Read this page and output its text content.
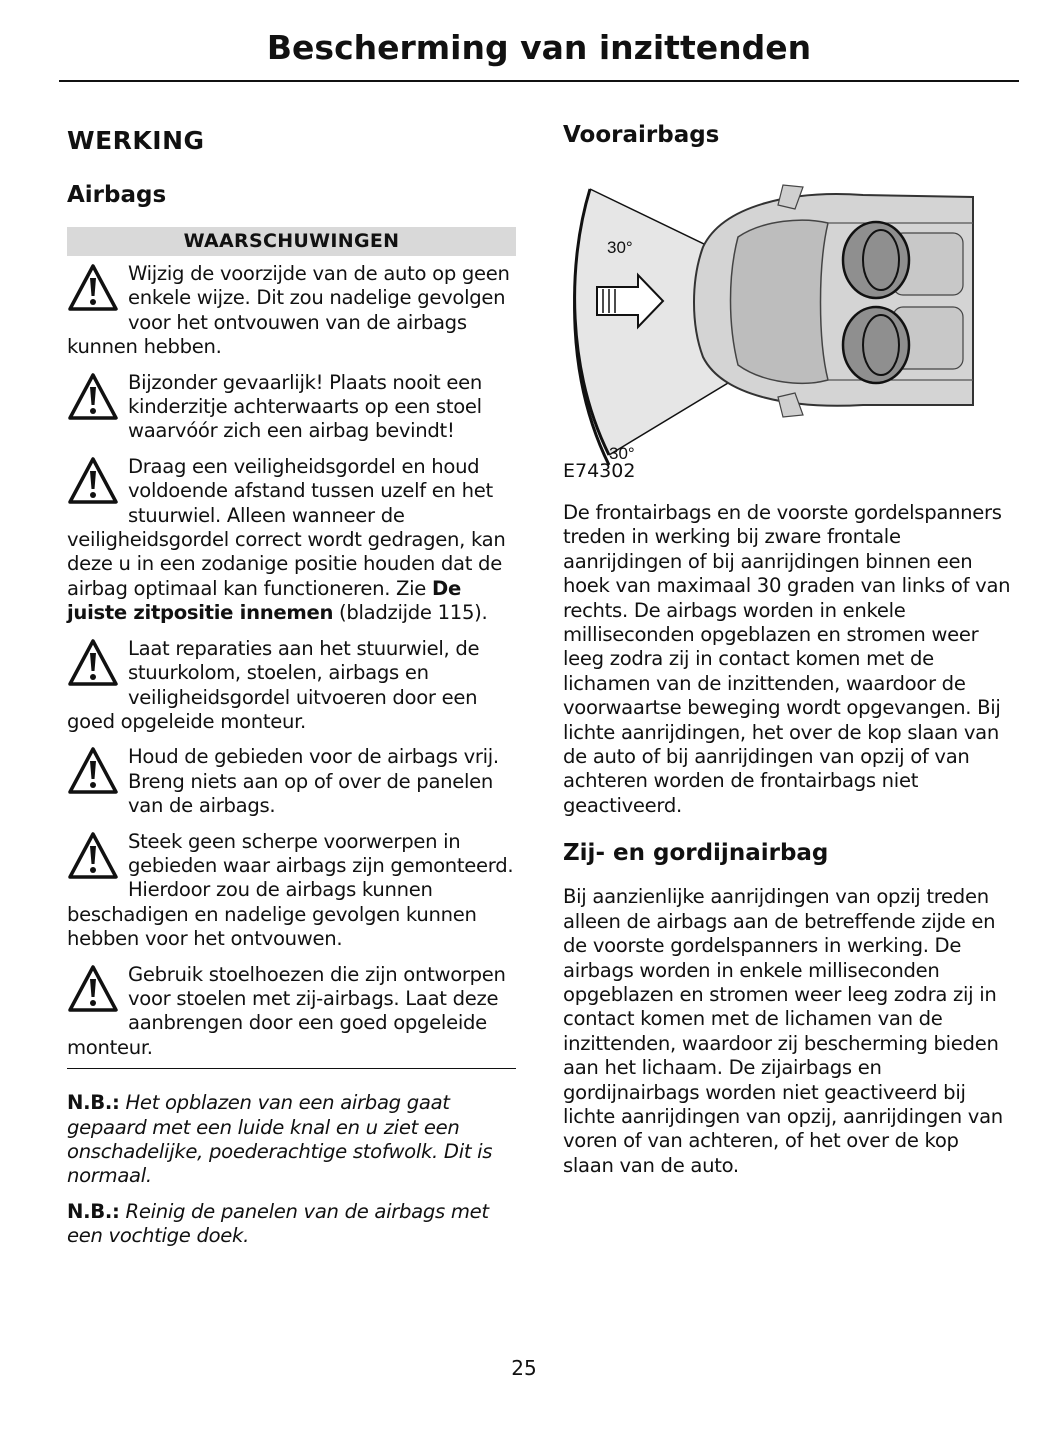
Bescherming van inzittenden
WERKING
Airbags
WAARSCHUWINGEN

Wijzig de voorzijde van de auto op geen enkele wijze. Dit zou nadelige gevolgen voor het ontvouwen van de airbags kunnen hebben.

Bijzonder gevaarlijk! Plaats nooit een kinderzitje achterwaarts op een stoel waarvóór zich een airbag bevindt!

Draag een veiligheidsgordel en houd voldoende afstand tussen uzelf en het stuurwiel. Alleen wanneer de veiligheidsgordel correct wordt gedragen, kan deze u in een zodanige positie houden dat de airbag optimaal kan functioneren. Zie De juiste zitpositie innemen (bladzijde 115).

Laat reparaties aan het stuurwiel, de stuurkolom, stoelen, airbags en veiligheidsgordel uitvoeren door een goed opgeleide monteur.

Houd de gebieden voor de airbags vrij. Breng niets aan op of over de panelen van de airbags.

Steek geen scherpe voorwerpen in gebieden waar airbags zijn gemonteerd. Hierdoor zou de airbags kunnen beschadigen en nadelige gevolgen kunnen hebben voor het ontvouwen.

Gebruik stoelhoezen die zijn ontworpen voor stoelen met zij-airbags. Laat deze aanbrengen door een goed opgeleide monteur.

N.B.: Het opblazen van een airbag gaat gepaard met een luide knal en u ziet een onschadelijke, poederachtige stofwolk. Dit is normaal.

N.B.: Reinig de panelen van de airbags met een vochtige doek.

Voorairbags
30°
30°
E74302

De frontairbags en de voorste gordelspanners treden in werking bij zware frontale aanrijdingen of bij aanrijdingen binnen een hoek van maximaal 30 graden van links of van rechts. De airbags worden in enkele milliseconden opgeblazen en stromen weer leeg zodra zij in contact komen met de lichamen van de inzittenden, waardoor de voorwaartse beweging wordt opgevangen. Bij lichte aanrijdingen, het over de kop slaan van de auto of bij aanrijdingen van opzij of van achteren worden de frontairbags niet geactiveerd.

Zij- en gordijnairbag

Bij aanzienlijke aanrijdingen van opzij treden alleen de airbags aan de betreffende zijde en de voorste gordelspanners in werking. De airbags worden in enkele milliseconden opgeblazen en stromen weer leeg zodra zij in contact komen met de lichamen van de inzittenden, waardoor zij bescherming bieden aan het lichaam. De zijairbags en gordijnairbags worden niet geactiveerd bij lichte aanrijdingen van opzij, aanrijdingen van voren of van achteren, of het over de kop slaan van de auto.

25
